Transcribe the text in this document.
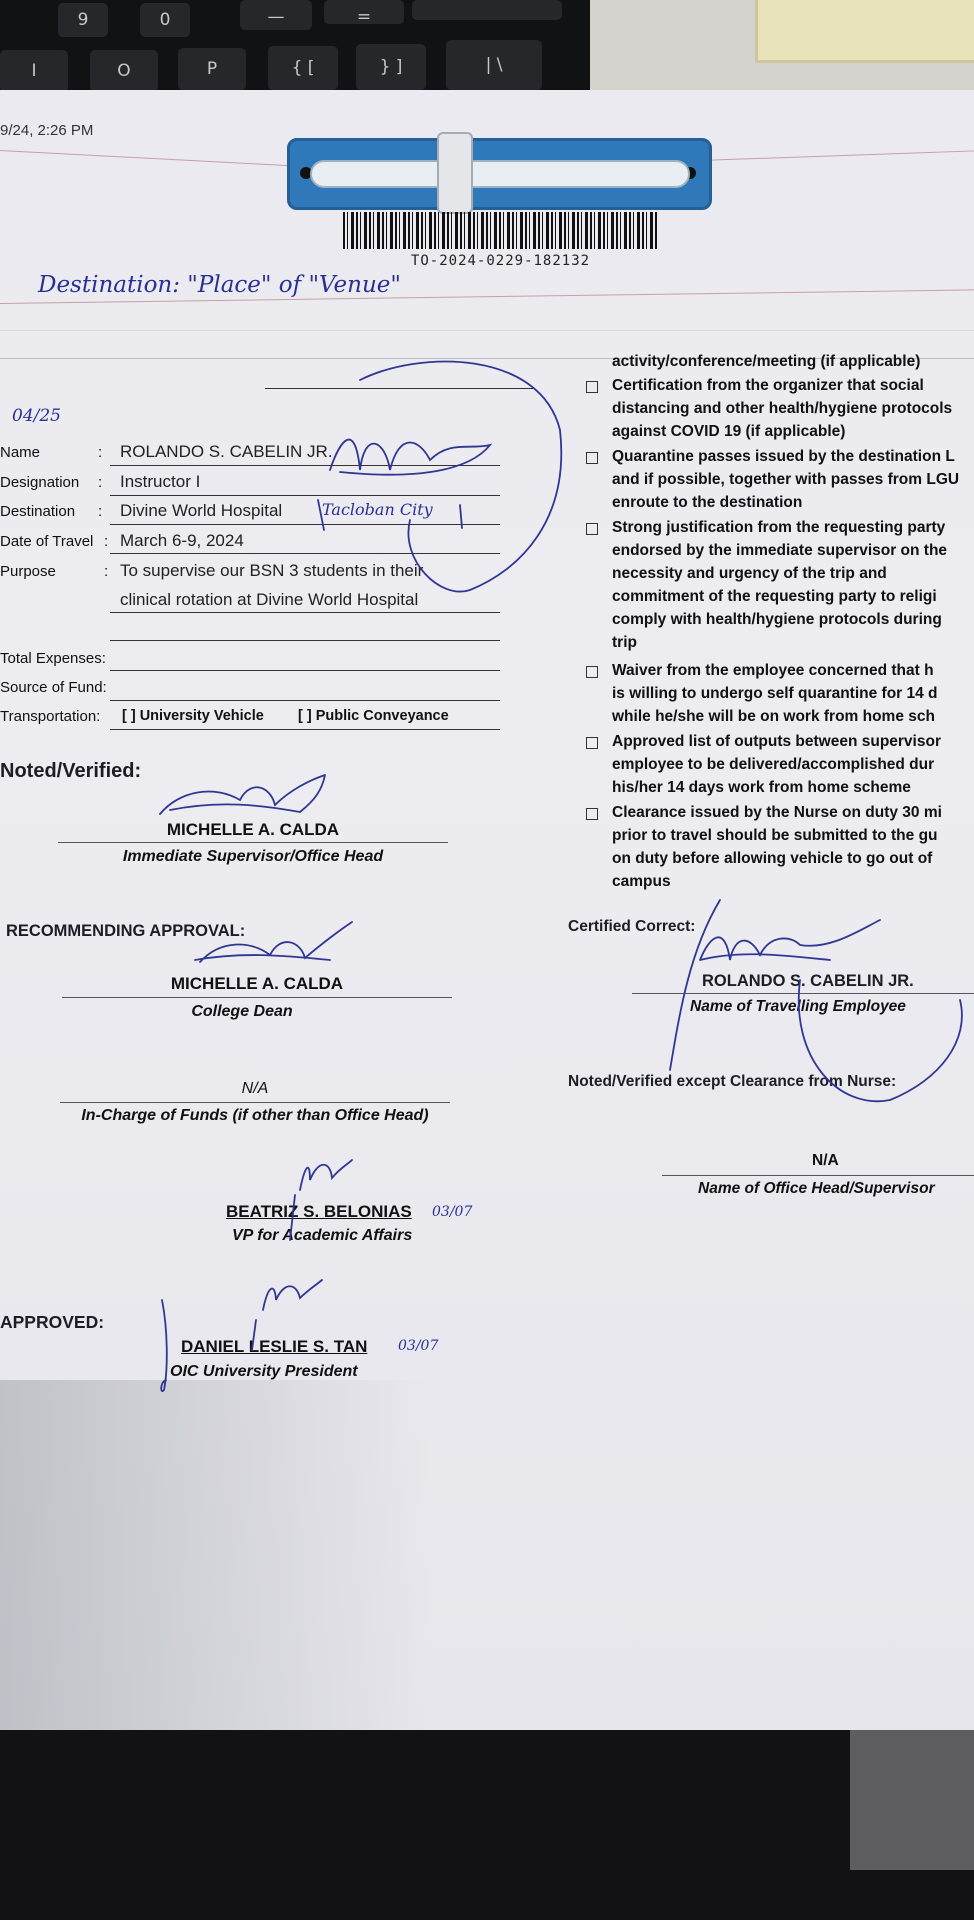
9	0	—	=
I	O	P	{ [	} ]	| \
9/24, 2:26 PM
TO-2024-0229-182132
Destination: "Place" of "Venue"
04/25
Name	: ROLANDO S. CABELIN JR.
Designation : Instructor I
Destination : Divine World Hospital Tacloban City
Date of Travel : March 6-9, 2024
Purpose	: To supervise our BSN 3 students in their
clinical rotation at Divine World Hospital
Total Expenses:
Source of Fund:
Transportation: [ ] University Vehicle [ ] Public Conveyance
Noted/Verified:
MICHELLE A. CALDA
Immediate Supervisor/Office Head
RECOMMENDING APPROVAL:
MICHELLE A. CALDA
College Dean
N/A
In-Charge of Funds (if other than Office Head)
BEATRIZ S. BELONIAS 03/07
VP for Academic Affairs
APPROVED:
DANIEL LESLIE S. TAN 03/07
OIC University President
activity/conference/meeting (if applicable)
Certification from the organizer that social
distancing and other health/hygiene protocols
against COVID 19 (if applicable)
Quarantine passes issued by the destination L
and if possible, together with passes from LGU
enroute to the destination
Strong justification from the requesting party
endorsed by the immediate supervisor on the
necessity and urgency of the trip and
commitment of the requesting party to religi
comply with health/hygiene protocols during
trip
Waiver from the employee concerned that h
is willing to undergo self quarantine for 14 d
while he/she will be on work from home sch
Approved list of outputs between supervisor
employee to be delivered/accomplished dur
his/her 14 days work from home scheme
Clearance issued by the Nurse on duty 30 mi
prior to travel should be submitted to the gu
on duty before allowing vehicle to go out of
campus
Certified Correct:
ROLANDO S. CABELIN JR.
Name of Travelling Employee
Noted/Verified except Clearance from Nurse:
N/A
Name of Office Head/Supervisor
